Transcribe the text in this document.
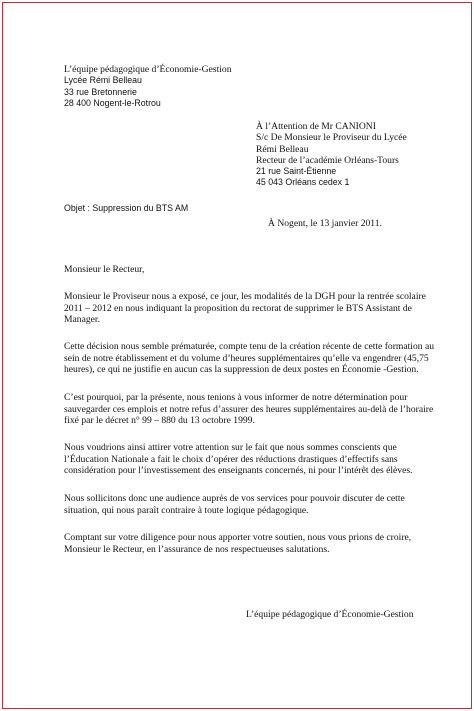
L’équipe pédagogique d’Économie-Gestion
Lycée Rémi Belleau
33 rue Bretonnerie
28 400 Nogent-le-Rotrou
À l’Attention de Mr CANIONI
S/c De Monsieur le Proviseur du Lycée
Rémi Belleau
Recteur de l’académie Orléans-Tours
21 rue Saint-Étienne
45 043 Orléans cedex 1
Objet : Suppression du BTS AM
À Nogent, le 13 janvier 2011.
Monsieur le Recteur,
Monsieur le Proviseur nous a exposé, ce jour, les modalités de la DGH pour la rentrée scolaire
2011 – 2012 en nous indiquant la proposition du rectorat de supprimer le BTS Assistant de
Manager.
Cette décision nous semble prématurée, compte tenu de la création récente de cette formation au
sein de notre établissement et du volume d’heures supplémentaires qu’elle va engendrer (45,75
heures), ce qui ne justifie en aucun cas la suppression de deux postes en Économie -Gestion.
C’est pourquoi, par la présente, nous tenions à vous informer de notre détermination pour
sauvegarder ces emplois et notre refus d’assurer des heures supplémentaires au-delà de l’horaire
fixé par le décret n° 99 – 880 du 13 octobre 1999.
Nous voudrions ainsi attirer votre attention sur le fait que nous sommes conscients que
l’Éducation Nationale a fait le choix d’opérer des réductions drastiques d’effectifs sans
considération pour l’investissement des enseignants concernés, ni pour l’intérêt des élèves.
Nous sollicitons donc une audience auprès de vos services pour pouvoir discuter de cette
situation, qui nous paraît contraire à toute logique pédagogique.
Comptant sur votre diligence pour nous apporter votre soutien, nous vous prions de croire,
Monsieur le Recteur, en l’assurance de nos respectueuses salutations.
L’équipe pédagogique d’Économie-Gestion
